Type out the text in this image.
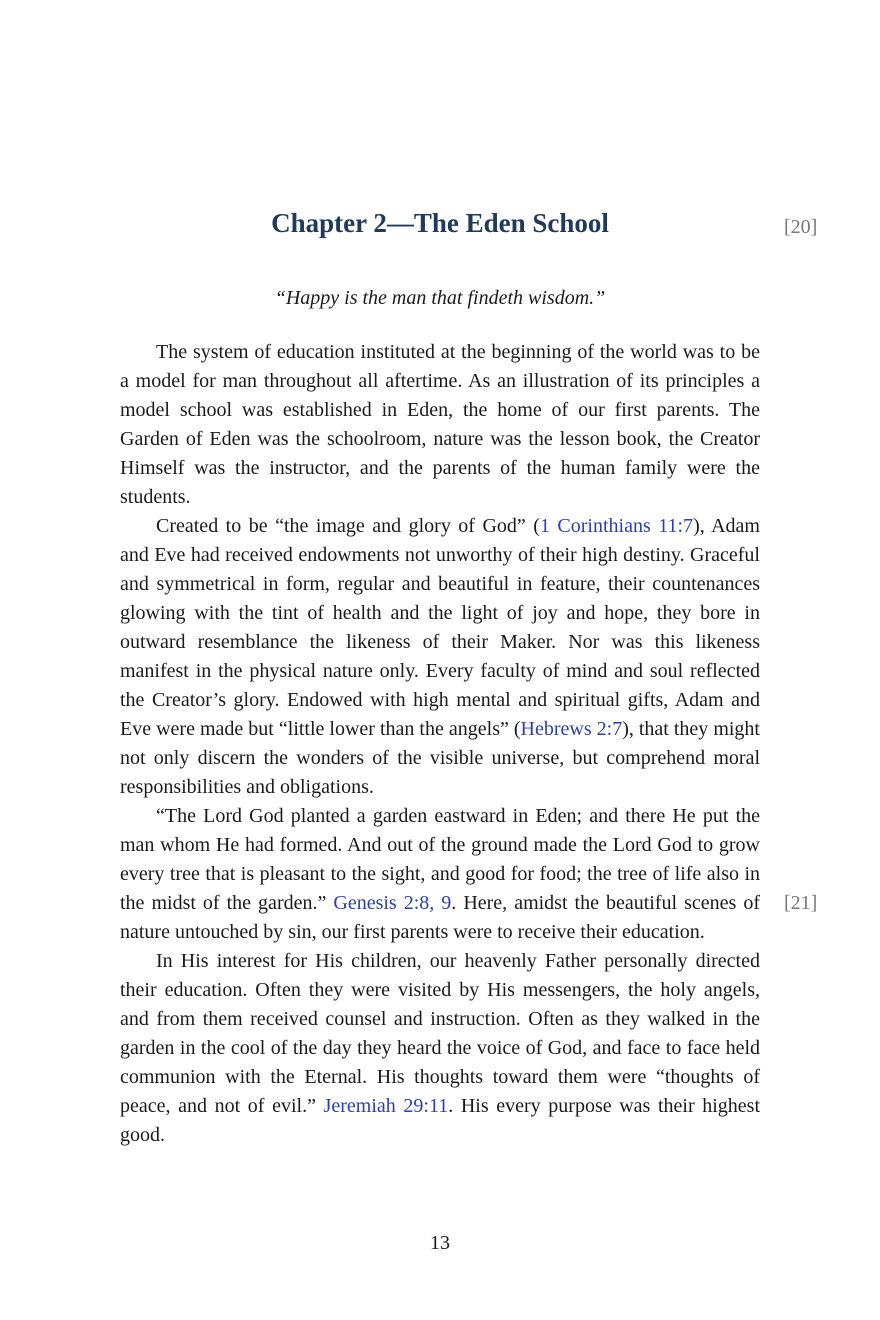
Chapter 2—The Eden School	[20]

“Happy is the man that findeth wisdom.”

The system of education instituted at the beginning of the world was to be a model for man throughout all aftertime. As an illustration of its principles a model school was established in Eden, the home of our first parents. The Garden of Eden was the schoolroom, nature was the lesson book, the Creator Himself was the instructor, and the parents of the human family were the students.

Created to be “the image and glory of God” (1 Corinthians 11:7), Adam and Eve had received endowments not unworthy of their high destiny. Graceful and symmetrical in form, regular and beautiful in feature, their countenances glowing with the tint of health and the light of joy and hope, they bore in outward resemblance the likeness of their Maker. Nor was this likeness manifest in the physical nature only. Every faculty of mind and soul reflected the Creator’s glory. Endowed with high mental and spiritual gifts, Adam and Eve were made but “little lower than the angels” (Hebrews 2:7), that they might not only discern the wonders of the visible universe, but comprehend moral responsibilities and obligations.

“The Lord God planted a garden eastward in Eden; and there He put the man whom He had formed. And out of the ground made the Lord God to grow every tree that is pleasant to the sight, and good for food; the tree of life also in the midst of the garden.” Genesis 2:8, 9. Here, amidst the beautiful scenes of nature untouched by sin, our first parents were to receive their education.

In His interest for His children, our heavenly Father personally directed their education. Often they were visited by His messengers, the holy angels, and from them received counsel and instruction. Often as they walked in the garden in the cool of the day they heard the voice of God, and face to face held communion with the Eternal. His thoughts toward them were “thoughts of peace, and not of evil.” Jeremiah 29:11. His every purpose was their highest good.

[21]
13
